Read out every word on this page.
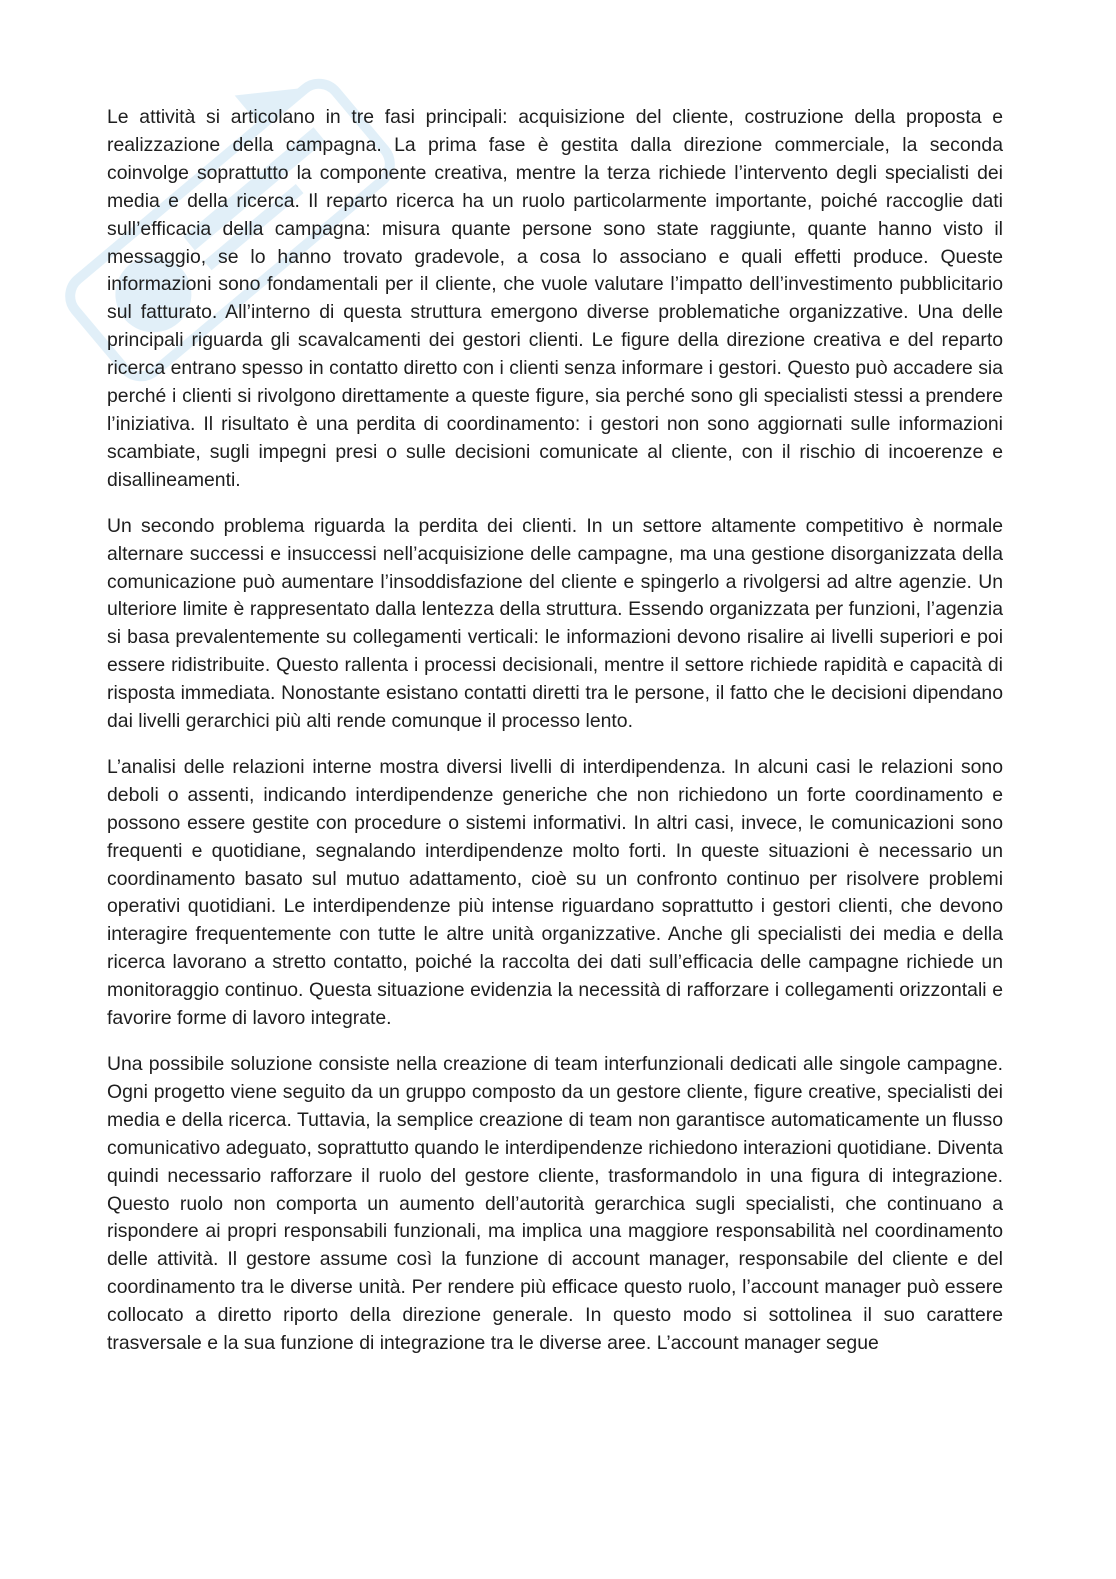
Le attività si articolano in tre fasi principali: acquisizione del cliente, costruzione della proposta e realizzazione della campagna. La prima fase è gestita dalla direzione commerciale, la seconda coinvolge soprattutto la componente creativa, mentre la terza richiede l’intervento degli specialisti dei media e della ricerca. Il reparto ricerca ha un ruolo particolarmente importante, poiché raccoglie dati sull’efficacia della campagna: misura quante persone sono state raggiunte, quante hanno visto il messaggio, se lo hanno trovato gradevole, a cosa lo associano e quali effetti produce. Queste informazioni sono fondamentali per il cliente, che vuole valutare l’impatto dell’investimento pubblicitario sul fatturato. All’interno di questa struttura emergono diverse problematiche organizzative. Una delle principali riguarda gli scavalcamenti dei gestori clienti. Le figure della direzione creativa e del reparto ricerca entrano spesso in contatto diretto con i clienti senza informare i gestori. Questo può accadere sia perché i clienti si rivolgono direttamente a queste figure, sia perché sono gli specialisti stessi a prendere l’iniziativa. Il risultato è una perdita di coordinamento: i gestori non sono aggiornati sulle informazioni scambiate, sugli impegni presi o sulle decisioni comunicate al cliente, con il rischio di incoerenze e disallineamenti.

Un secondo problema riguarda la perdita dei clienti. In un settore altamente competitivo è normale alternare successi e insuccessi nell’acquisizione delle campagne, ma una gestione disorganizzata della comunicazione può aumentare l’insoddisfazione del cliente e spingerlo a rivolgersi ad altre agenzie. Un ulteriore limite è rappresentato dalla lentezza della struttura. Essendo organizzata per funzioni, l’agenzia si basa prevalentemente su collegamenti verticali: le informazioni devono risalire ai livelli superiori e poi essere ridistribuite. Questo rallenta i processi decisionali, mentre il settore richiede rapidità e capacità di risposta immediata. Nonostante esistano contatti diretti tra le persone, il fatto che le decisioni dipendano dai livelli gerarchici più alti rende comunque il processo lento.

L’analisi delle relazioni interne mostra diversi livelli di interdipendenza. In alcuni casi le relazioni sono deboli o assenti, indicando interdipendenze generiche che non richiedono un forte coordinamento e possono essere gestite con procedure o sistemi informativi. In altri casi, invece, le comunicazioni sono frequenti e quotidiane, segnalando interdipendenze molto forti. In queste situazioni è necessario un coordinamento basato sul mutuo adattamento, cioè su un confronto continuo per risolvere problemi operativi quotidiani. Le interdipendenze più intense riguardano soprattutto i gestori clienti, che devono interagire frequentemente con tutte le altre unità organizzative. Anche gli specialisti dei media e della ricerca lavorano a stretto contatto, poiché la raccolta dei dati sull’efficacia delle campagne richiede un monitoraggio continuo. Questa situazione evidenzia la necessità di rafforzare i collegamenti orizzontali e favorire forme di lavoro integrate.

Una possibile soluzione consiste nella creazione di team interfunzionali dedicati alle singole campagne. Ogni progetto viene seguito da un gruppo composto da un gestore cliente, figure creative, specialisti dei media e della ricerca. Tuttavia, la semplice creazione di team non garantisce automaticamente un flusso comunicativo adeguato, soprattutto quando le interdipendenze richiedono interazioni quotidiane. Diventa quindi necessario rafforzare il ruolo del gestore cliente, trasformandolo in una figura di integrazione. Questo ruolo non comporta un aumento dell’autorità gerarchica sugli specialisti, che continuano a rispondere ai propri responsabili funzionali, ma implica una maggiore responsabilità nel coordinamento delle attività. Il gestore assume così la funzione di account manager, responsabile del cliente e del coordinamento tra le diverse unità. Per rendere più efficace questo ruolo, l’account manager può essere collocato a diretto riporto della direzione generale. In questo modo si sottolinea il suo carattere trasversale e la sua funzione di integrazione tra le diverse aree. L’account manager segue
